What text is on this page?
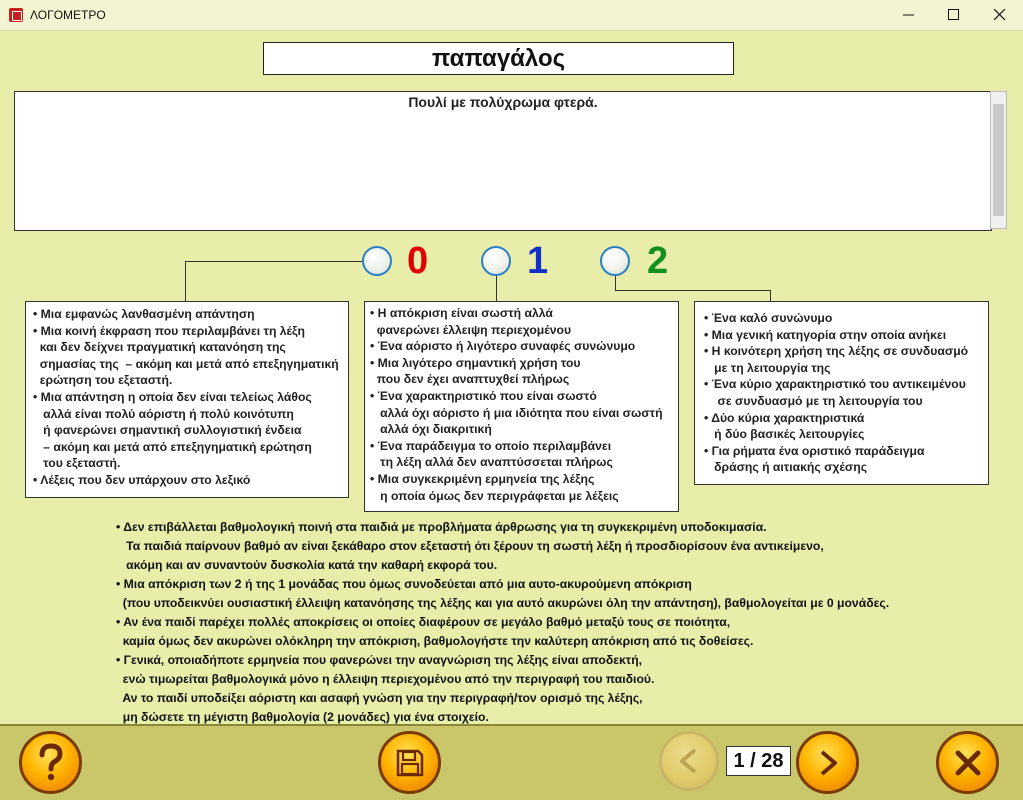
ΛΟΓΟΜΕΤΡΟ
παπαγάλος
Πουλί με πολύχρωμα φτερά.
0	1	2
• Μια εμφανώς λανθασμένη απάντηση
• Μια κοινή έκφραση που περιλαμβάνει τη λέξη
και δεν δείχνει πραγματική κατανόηση της
σημασίας της  – ακόμη και μετά από επεξηγηματική
ερώτηση του εξεταστή.
• Μια απάντηση η οποία δεν είναι τελείως λάθος
αλλά είναι πολύ αόριστη ή πολύ κοινότυπη
ή φανερώνει σημαντική συλλογιστική ένδεια
– ακόμη και μετά από επεξηγηματική ερώτηση
του εξεταστή.
• Λέξεις που δεν υπάρχουν στο λεξικό
• Η απόκριση είναι σωστή αλλά
φανερώνει έλλειψη περιεχομένου
• Ένα αόριστο ή λιγότερο συναφές συνώνυμο
• Μια λιγότερο σημαντική χρήση του
που δεν έχει αναπτυχθεί πλήρως
• Ένα χαρακτηριστικό που είναι σωστό
αλλά όχι αόριστο ή μια ιδιότητα που είναι σωστή
αλλά όχι διακριτική
• Ένα παράδειγμα το οποίο περιλαμβάνει
τη λέξη αλλά δεν αναπτύσσεται πλήρως
• Μια συγκεκριμένη ερμηνεία της λέξης
η οποία όμως δεν περιγράφεται με λέξεις
• Ένα καλό συνώνυμο
• Μια γενική κατηγορία στην οποία ανήκει
• Η κοινότερη χρήση της λέξης σε συνδυασμό
με τη λειτουργία της
• Ένα κύριο χαρακτηριστικό του αντικειμένου
σε συνδυασμό με τη λειτουργία του
• Δύο κύρια χαρακτηριστικά
ή δύο βασικές λειτουργίες
• Για ρήματα ένα οριστικό παράδειγμα
δράσης ή αιτιακής σχέσης
• Δεν επιβάλλεται βαθμολογική ποινή στα παιδιά με προβλήματα άρθρωσης για τη συγκεκριμένη υποδοκιμασία.
Τα παιδιά παίρνουν βαθμό αν είναι ξεκάθαρο στον εξεταστή ότι ξέρουν τη σωστή λέξη ή προσδιορίσουν ένα αντικείμενο,
ακόμη και αν συναντούν δυσκολία κατά την καθαρή εκφορά του.
• Μια απόκριση των 2 ή της 1 μονάδας που όμως συνοδεύεται από μια αυτο-ακυρούμενη απόκριση
(που υποδεικνύει ουσιαστική έλλειψη κατανόησης της λέξης και για αυτό ακυρώνει όλη την απάντηση), βαθμολογείται με 0 μονάδες.
• Αν ένα παιδί παρέχει πολλές αποκρίσεις οι οποίες διαφέρουν σε μεγάλο βαθμό μεταξύ τους σε ποιότητα,
καμία όμως δεν ακυρώνει ολόκληρη την απόκριση, βαθμολογήστε την καλύτερη απόκριση από τις δοθείσες.
• Γενικά, οποιαδήποτε ερμηνεία που φανερώνει την αναγνώριση της λέξης είναι αποδεκτή,
ενώ τιμωρείται βαθμολογικά μόνο η έλλειψη περιεχομένου από την περιγραφή του παιδιού.
Αν το παιδί υποδείξει αόριστη και ασαφή γνώση για την περιγραφή/τον ορισμό της λέξης,
μη δώσετε τη μέγιστη βαθμολογία (2 μονάδες) για ένα στοιχείο.
1 / 28
